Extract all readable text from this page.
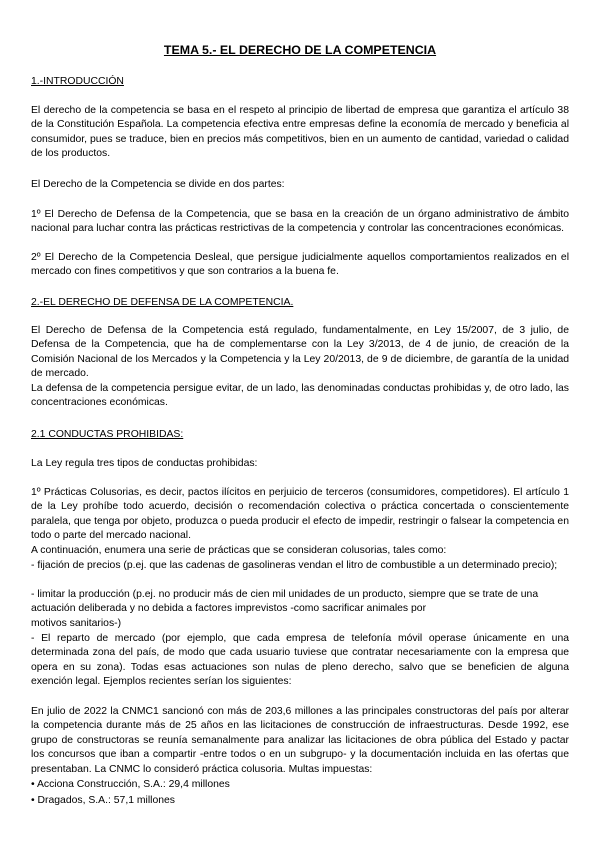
TEMA 5.- EL DERECHO DE LA COMPETENCIA
1.-INTRODUCCIÓN
El derecho de la competencia se basa en el respeto al principio de libertad de empresa que garantiza el artículo 38 de la Constitución Española. La competencia efectiva entre empresas define la economía de mercado y beneficia al consumidor, pues se traduce, bien en precios más competitivos, bien en un aumento de cantidad, variedad o calidad de los productos.
El Derecho de la Competencia se divide en dos partes:
1º El Derecho de Defensa de la Competencia, que se basa en la creación de un órgano administrativo de ámbito nacional para luchar contra las prácticas restrictivas de la competencia y controlar las concentraciones económicas.
2º El Derecho de la Competencia Desleal, que persigue judicialmente aquellos comportamientos realizados en el mercado con fines competitivos y que son contrarios a la buena fe.
2.-EL DERECHO DE DEFENSA DE LA COMPETENCIA.
El Derecho de Defensa de la Competencia está regulado, fundamentalmente, en Ley 15/2007, de 3 julio, de Defensa de la Competencia, que ha de complementarse con la Ley 3/2013, de 4 de junio, de creación de la Comisión Nacional de los Mercados y la Competencia y la Ley 20/2013, de 9 de diciembre, de garantía de la unidad de mercado.
La defensa de la competencia persigue evitar, de un lado, las denominadas conductas prohibidas y, de otro lado, las concentraciones económicas.
2.1 CONDUCTAS PROHIBIDAS:
La Ley regula tres tipos de conductas prohibidas:
1º Prácticas Colusorias, es decir, pactos ilícitos en perjuicio de terceros (consumidores, competidores). El artículo 1 de la Ley prohíbe todo acuerdo, decisión o recomendación colectiva o práctica concertada o conscientemente paralela, que tenga por objeto, produzca o pueda producir el efecto de impedir, restringir o falsear la competencia en todo o parte del mercado nacional.
A continuación, enumera una serie de prácticas que se consideran colusorias, tales como:
- fijación de precios (p.ej. que las cadenas de gasolineras vendan el litro de combustible a un determinado precio);
- limitar la producción (p.ej. no producir más de cien mil unidades de un producto, siempre que se trate de una actuación deliberada y no debida a factores imprevistos -como sacrificar animales por
motivos sanitarios-)
- El reparto de mercado (por ejemplo, que cada empresa de telefonía móvil operase únicamente en una determinada zona del país, de modo que cada usuario tuviese que contratar necesariamente con la empresa que opera en su zona). Todas esas actuaciones son nulas de pleno derecho, salvo que se beneficien de alguna exención legal. Ejemplos recientes serían los siguientes:
En julio de 2022 la CNMC1 sancionó con más de 203,6 millones a las principales constructoras del país por alterar la competencia durante más de 25 años en las licitaciones de construcción de infraestructuras. Desde 1992, ese grupo de constructoras se reunía semanalmente para analizar las licitaciones de obra pública del Estado y pactar los concursos que iban a compartir -entre todos o en un subgrupo- y la documentación incluida en las ofertas que presentaban. La CNMC lo consideró práctica colusoria. Multas impuestas:
• Acciona Construcción, S.A.: 29,4 millones
• Dragados, S.A.: 57,1 millones
